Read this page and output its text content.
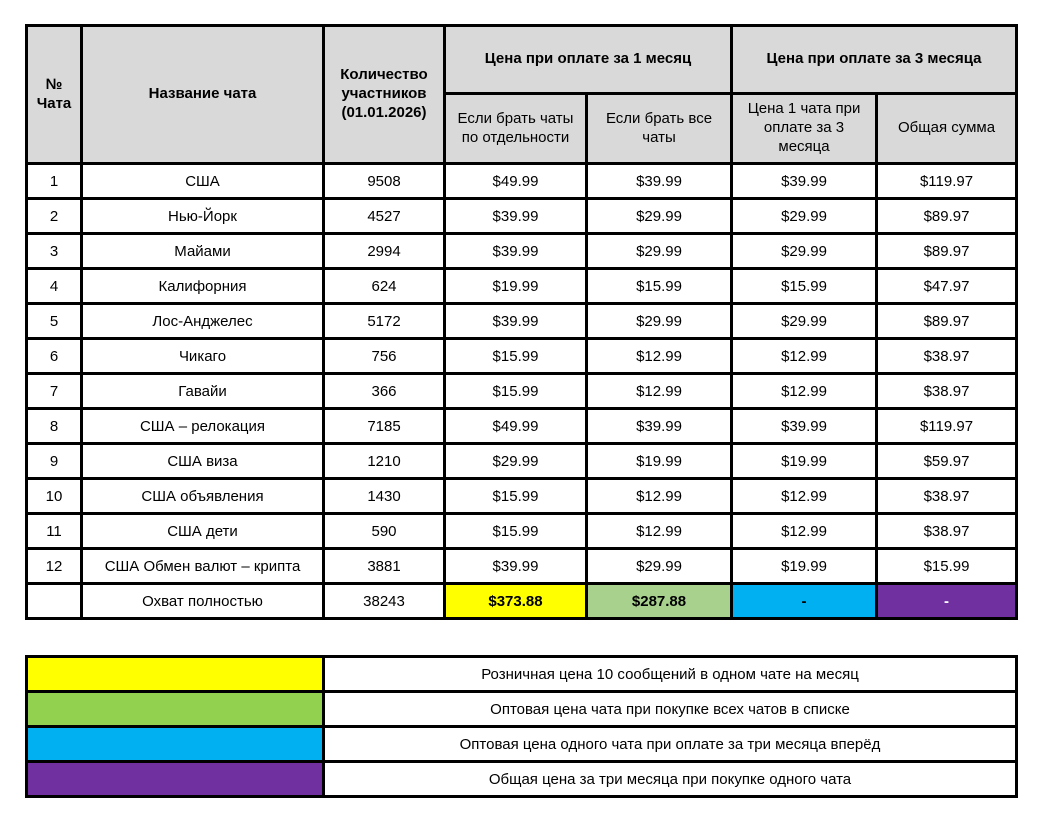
№ Чата	Название чата	Количество участников (01.01.2026)	Цена при оплате за 1 месяц		Цена при оплате за 3 месяца	
			Если брать чаты по отдельности	Если брать все чаты	Цена 1 чата при оплате за 3 месяца	Общая сумма
1	США	9508	$49.99	$39.99	$39.99	$119.97
2	Нью-Йорк	4527	$39.99	$29.99	$29.99	$89.97
3	Майами	2994	$39.99	$29.99	$29.99	$89.97
4	Калифорния	624	$19.99	$15.99	$15.99	$47.97
5	Лос-Анджелес	5172	$39.99	$29.99	$29.99	$89.97
6	Чикаго	756	$15.99	$12.99	$12.99	$38.97
7	Гавайи	366	$15.99	$12.99	$12.99	$38.97
8	США – релокация	7185	$49.99	$39.99	$39.99	$119.97
9	США виза	1210	$29.99	$19.99	$19.99	$59.97
10	США объявления	1430	$15.99	$12.99	$12.99	$38.97
11	США дети	590	$15.99	$12.99	$12.99	$38.97
12	США Обмен валют – крипта	3881	$39.99	$29.99	$19.99	$15.99
	Охват полностью	38243	$373.88	$287.88	-	-
	Розничная цена 10 сообщений в одном чате на месяц
	Оптовая цена чата при покупке всех чатов в списке
	Оптовая цена одного чата при оплате за три месяца вперёд
	Общая цена за три месяца при покупке одного чата
